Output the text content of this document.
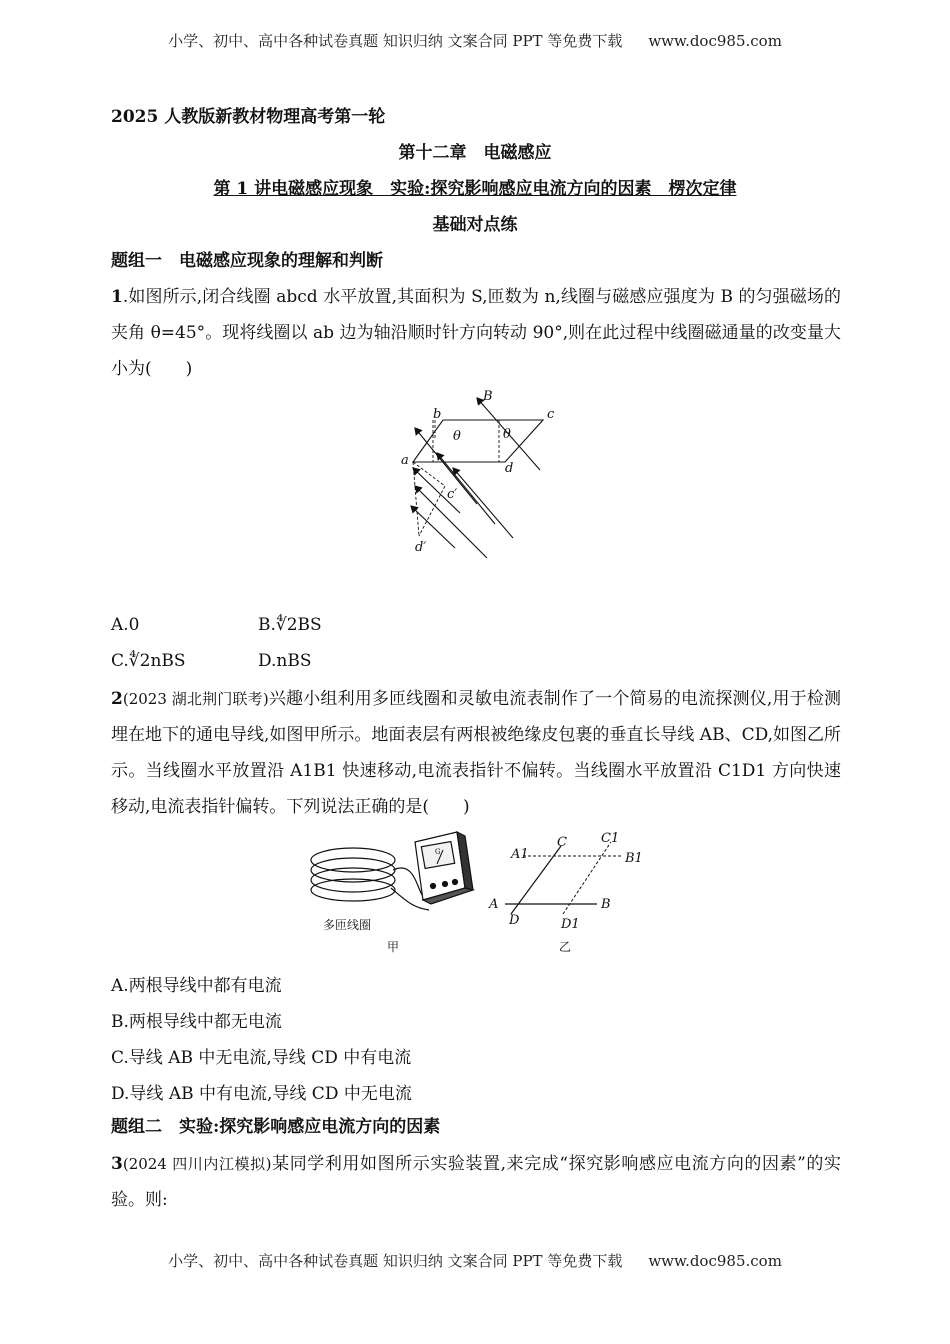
小学、初中、高中各种试卷真题 知识归纳 文案合同 PPT 等免费下载 www.doc985.com
2025 人教版新教材物理高考第一轮
第十二章　电磁感应
第 1 讲电磁感应现象　实验:探究影响感应电流方向的因素　楞次定律
基础对点练
题组一　电磁感应现象的理解和判断
1.如图所示,闭合线圈 abcd 水平放置,其面积为 S,匝数为 n,线圈与磁感应强度为 B 的匀强磁场的夹角 θ=45°。现将线圈以 ab 边为轴沿顺时针方向转动 90°,则在此过程中线圈磁通量的改变量大小为(　　)
b
B
c
θ	θ
a
d
c′
d′
A.0	B.∜2BS
C.∜2nBS	D.nBS
2(2023 湖北荆门联考)兴趣小组利用多匝线圈和灵敏电流表制作了一个简易的电流探测仪,用于检测埋在地下的通电导线,如图甲所示。地面表层有两根被绝缘皮包裹的垂直长导线 AB、CD,如图乙所示。当线圈水平放置沿 A1B1 快速移动,电流表指针不偏转。当线圈水平放置沿 C1D1 方向快速移动,电流表指针偏转。下列说法正确的是(　　)
G
多匝线圈
甲
A1
C	C1
B1
A	B
D	D1
乙
A.两根导线中都有电流
B.两根导线中都无电流
C.导线 AB 中无电流,导线 CD 中有电流
D.导线 AB 中有电流,导线 CD 中无电流
题组二　实验:探究影响感应电流方向的因素
3(2024 四川内江模拟)某同学利用如图所示实验装置,来完成“探究影响感应电流方向的因素”的实验。则:
小学、初中、高中各种试卷真题 知识归纳 文案合同 PPT 等免费下载 www.doc985.com
